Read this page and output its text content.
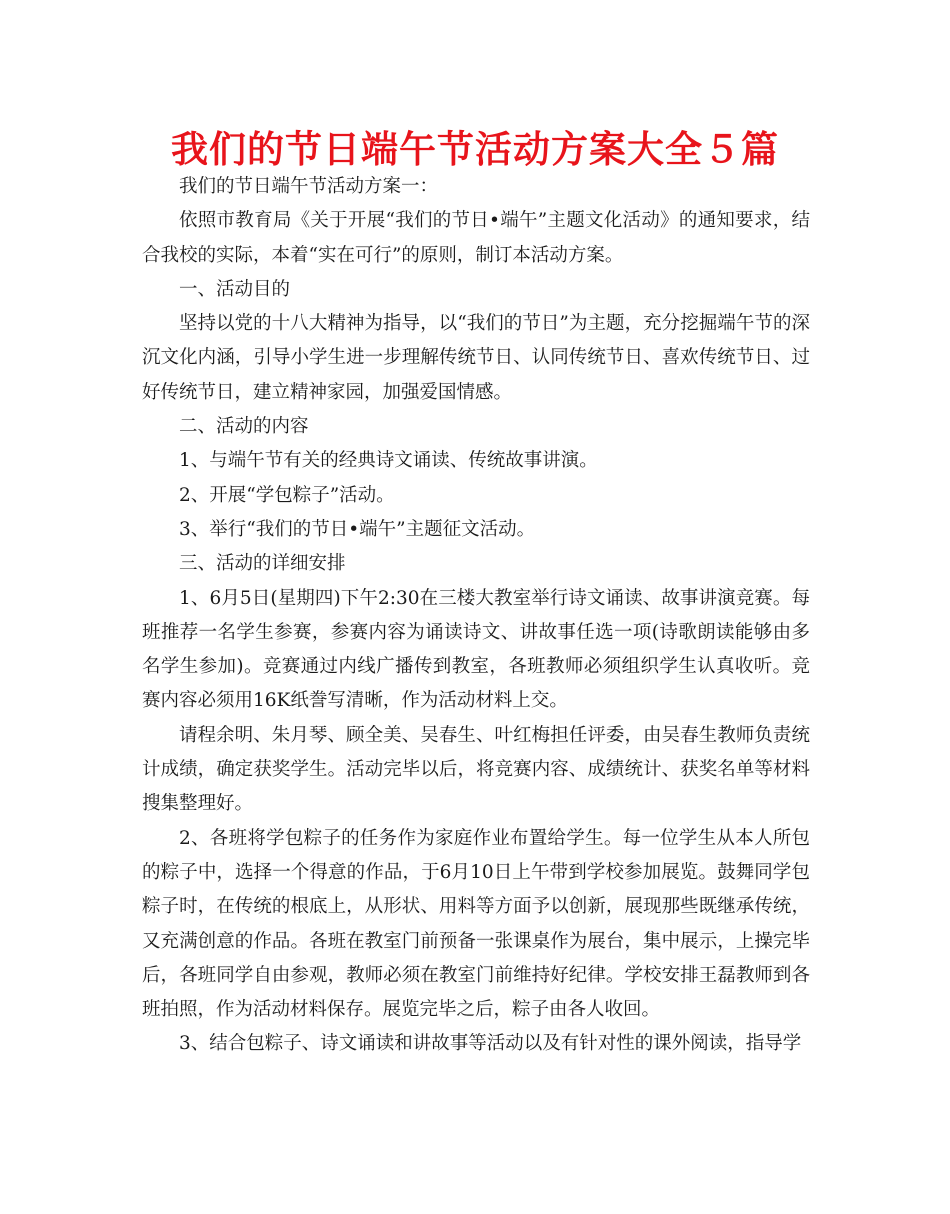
我们的节日端午节活动方案大全５篇

我们的节日端午节活动方案一：

依照市教育局《关于开展“我们的节日•端午”主题文化活动》的通知要求，结合我校的实际，本着“实在可行”的原则，制订本活动方案。

一、活动目的

坚持以党的十八大精神为指导，以“我们的节日”为主题，充分挖掘端午节的深沉文化内涵，引导小学生进一步理解传统节日、认同传统节日、喜欢传统节日、过好传统节日，建立精神家园，加强爱国情感。

二、活动的内容

1、与端午节有关的经典诗文诵读、传统故事讲演。

2、开展“学包粽子”活动。

3、举行“我们的节日•端午”主题征文活动。

三、活动的详细安排

1、6月5日(星期四)下午2:30在三楼大教室举行诗文诵读、故事讲演竞赛。每班推荐一名学生参赛，参赛内容为诵读诗文、讲故事任选一项(诗歌朗读能够由多名学生参加)。竞赛通过内线广播传到教室，各班教师必须组织学生认真收听。竞赛内容必须用16K纸誊写清晰，作为活动材料上交。

请程余明、朱月琴、顾全美、吴春生、叶红梅担任评委，由吴春生教师负责统计成绩，确定获奖学生。活动完毕以后，将竞赛内容、成绩统计、获奖名单等材料搜集整理好。

2、各班将学包粽子的任务作为家庭作业布置给学生。每一位学生从本人所包的粽子中，选择一个得意的作品，于6月10日上午带到学校参加展览。鼓舞同学包粽子时，在传统的根底上，从形状、用料等方面予以创新，展现那些既继承传统，又充满创意的作品。各班在教室门前预备一张课桌作为展台，集中展示，上操完毕后，各班同学自由参观，教师必须在教室门前维持好纪律。学校安排王磊教师到各班拍照，作为活动材料保存。展览完毕之后，粽子由各人收回。

3、结合包粽子、诗文诵读和讲故事等活动以及有针对性的课外阅读，指导学
